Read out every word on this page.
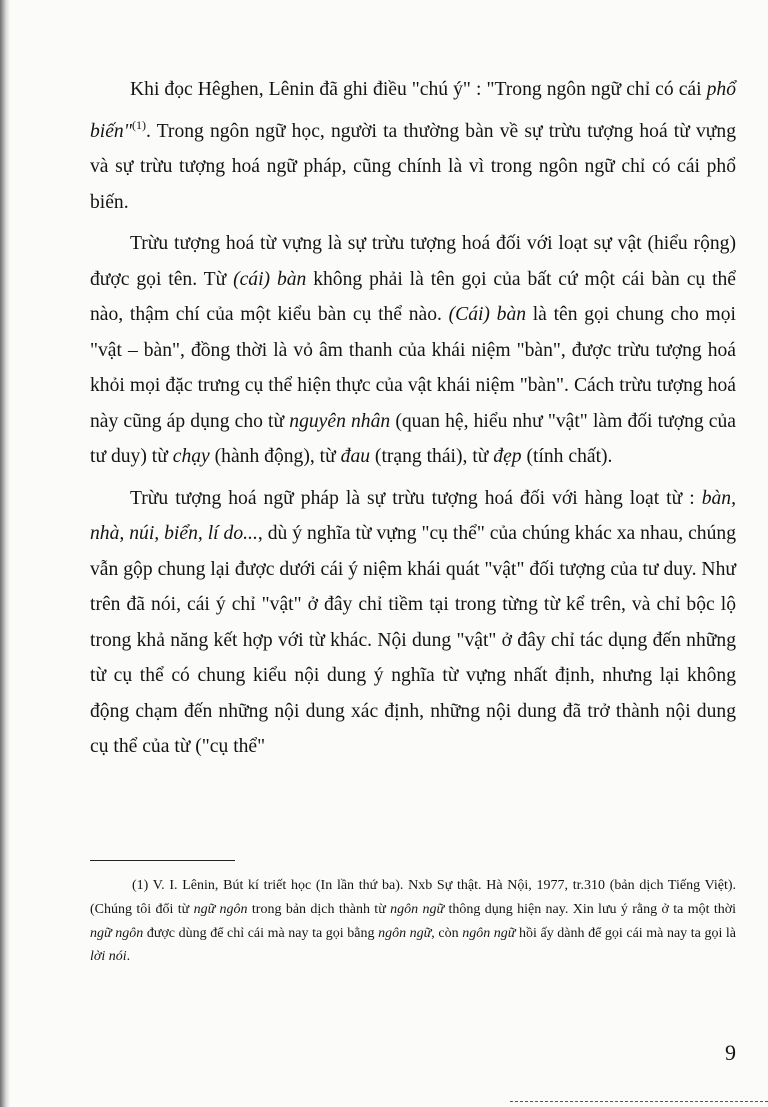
Khi đọc Hêghen, Lênin đã ghi điều "chú ý" : "Trong ngôn ngữ chỉ có cái phổ biến"$^{(1)}$. Trong ngôn ngữ học, người ta thường bàn về sự trừu tượng hoá từ vựng và sự trừu tượng hoá ngữ pháp, cũng chính là vì trong ngôn ngữ chỉ có cái phổ biến.

Trừu tượng hoá từ vựng là sự trừu tượng hoá đối với loạt sự vật (hiểu rộng) được gọi tên. Từ (cái) bàn không phải là tên gọi của bất cứ một cái bàn cụ thể nào, thậm chí của một kiểu bàn cụ thể nào. (Cái) bàn là tên gọi chung cho mọi "vật – bàn", đồng thời là vỏ âm thanh của khái niệm "bàn", được trừu tượng hoá khỏi mọi đặc trưng cụ thể hiện thực của vật khái niệm "bàn". Cách trừu tượng hoá này cũng áp dụng cho từ nguyên nhân (quan hệ, hiểu như "vật" làm đối tượng của tư duy) từ chạy (hành động), từ đau (trạng thái), từ đẹp (tính chất).

Trừu tượng hoá ngữ pháp là sự trừu tượng hoá đối với hàng loạt từ : bàn, nhà, núi, biển, lí do..., dù ý nghĩa từ vựng "cụ thể" của chúng khác xa nhau, chúng vẫn gộp chung lại được dưới cái ý niệm khái quát "vật" đối tượng của tư duy. Như trên đã nói, cái ý chỉ "vật" ở đây chỉ tiềm tại trong từng từ kể trên, và chỉ bộc lộ trong khả năng kết hợp với từ khác. Nội dung "vật" ở đây chỉ tác dụng đến những từ cụ thể có chung kiểu nội dung ý nghĩa từ vựng nhất định, nhưng lại không động chạm đến những nội dung xác định, những nội dung đã trở thành nội dung cụ thể của từ ("cụ thể"

(1) V. I. Lênin, Bút kí triết học (In lần thứ ba). Nxb Sự thật. Hà Nội, 1977, tr.310 (bản dịch Tiếng Việt). (Chúng tôi đổi từ ngữ ngôn trong bản dịch thành từ ngôn ngữ thông dụng hiện nay. Xin lưu ý rằng ở ta một thời ngữ ngôn được dùng để chỉ cái mà nay ta gọi bằng ngôn ngữ, còn ngôn ngữ hồi ấy dành để gọi cái mà nay ta gọi là lời nói.

9
